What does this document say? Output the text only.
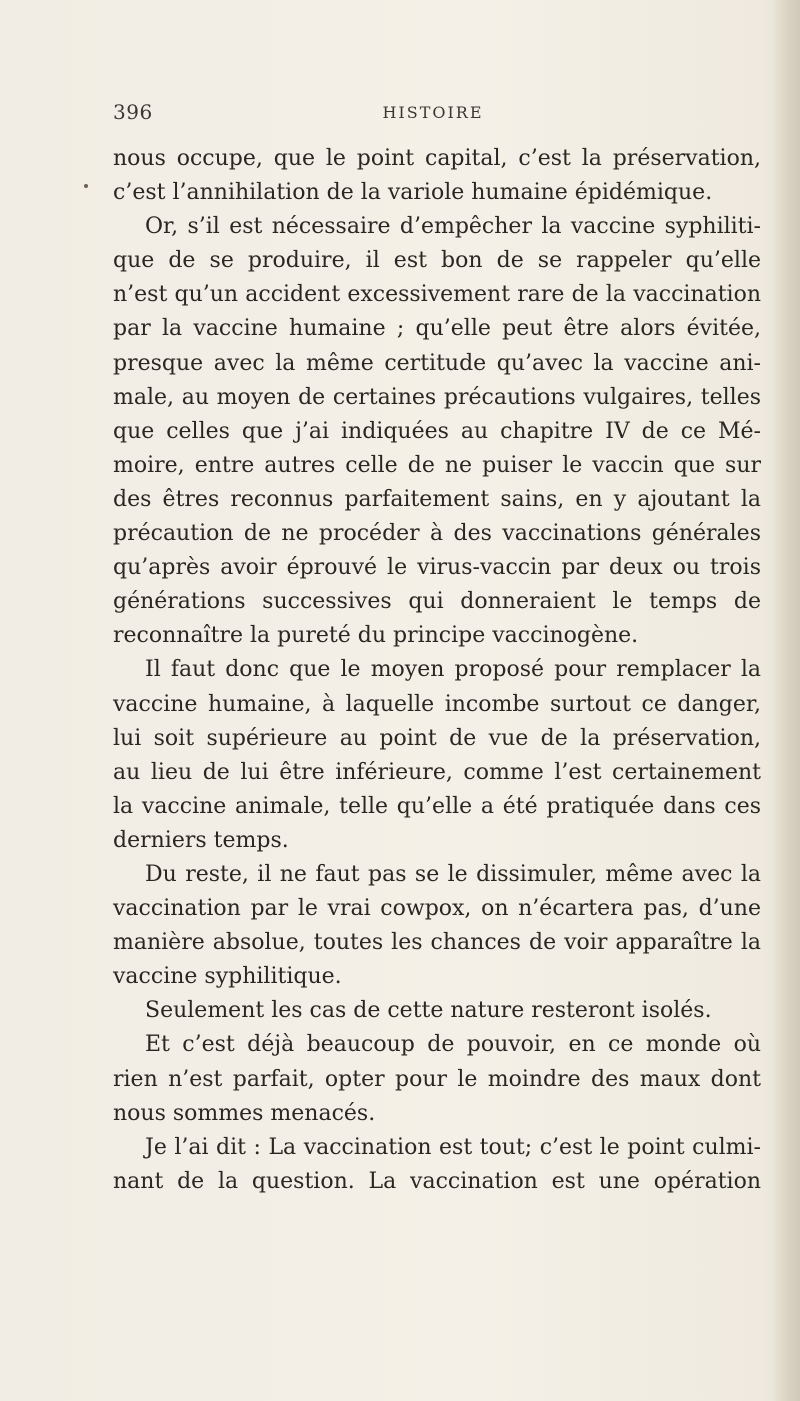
396	HISTOIRE
nous occupe, que le point capital, c’est la préservation,
c’est l’annihilation de la variole humaine épidémique.
Or, s’il est nécessaire d’empêcher la vaccine syphiliti-
que de se produire, il est bon de se rappeler qu’elle
n’est qu’un accident excessivement rare de la vaccination
par la vaccine humaine ; qu’elle peut être alors évitée,
presque avec la même certitude qu’avec la vaccine ani-
male, au moyen de certaines précautions vulgaires, telles
que celles que j’ai indiquées au chapitre IV de ce Mé-
moire, entre autres celle de ne puiser le vaccin que sur
des êtres reconnus parfaitement sains, en y ajoutant la
précaution de ne procéder à des vaccinations générales
qu’après avoir éprouvé le virus-vaccin par deux ou trois
générations successives qui donneraient le temps de
reconnaître la pureté du principe vaccinogène.
Il faut donc que le moyen proposé pour remplacer la
vaccine humaine, à laquelle incombe surtout ce danger,
lui soit supérieure au point de vue de la préservation,
au lieu de lui être inférieure, comme l’est certainement
la vaccine animale, telle qu’elle a été pratiquée dans ces
derniers temps.
Du reste, il ne faut pas se le dissimuler, même avec la
vaccination par le vrai cowpox, on n’écartera pas, d’une
manière absolue, toutes les chances de voir apparaître la
vaccine syphilitique.
Seulement les cas de cette nature resteront isolés.
Et c’est déjà beaucoup de pouvoir, en ce monde où
rien n’est parfait, opter pour le moindre des maux dont
nous sommes menacés.
Je l’ai dit : La vaccination est tout; c’est le point culmi-
nant de la question. La vaccination est une opération
